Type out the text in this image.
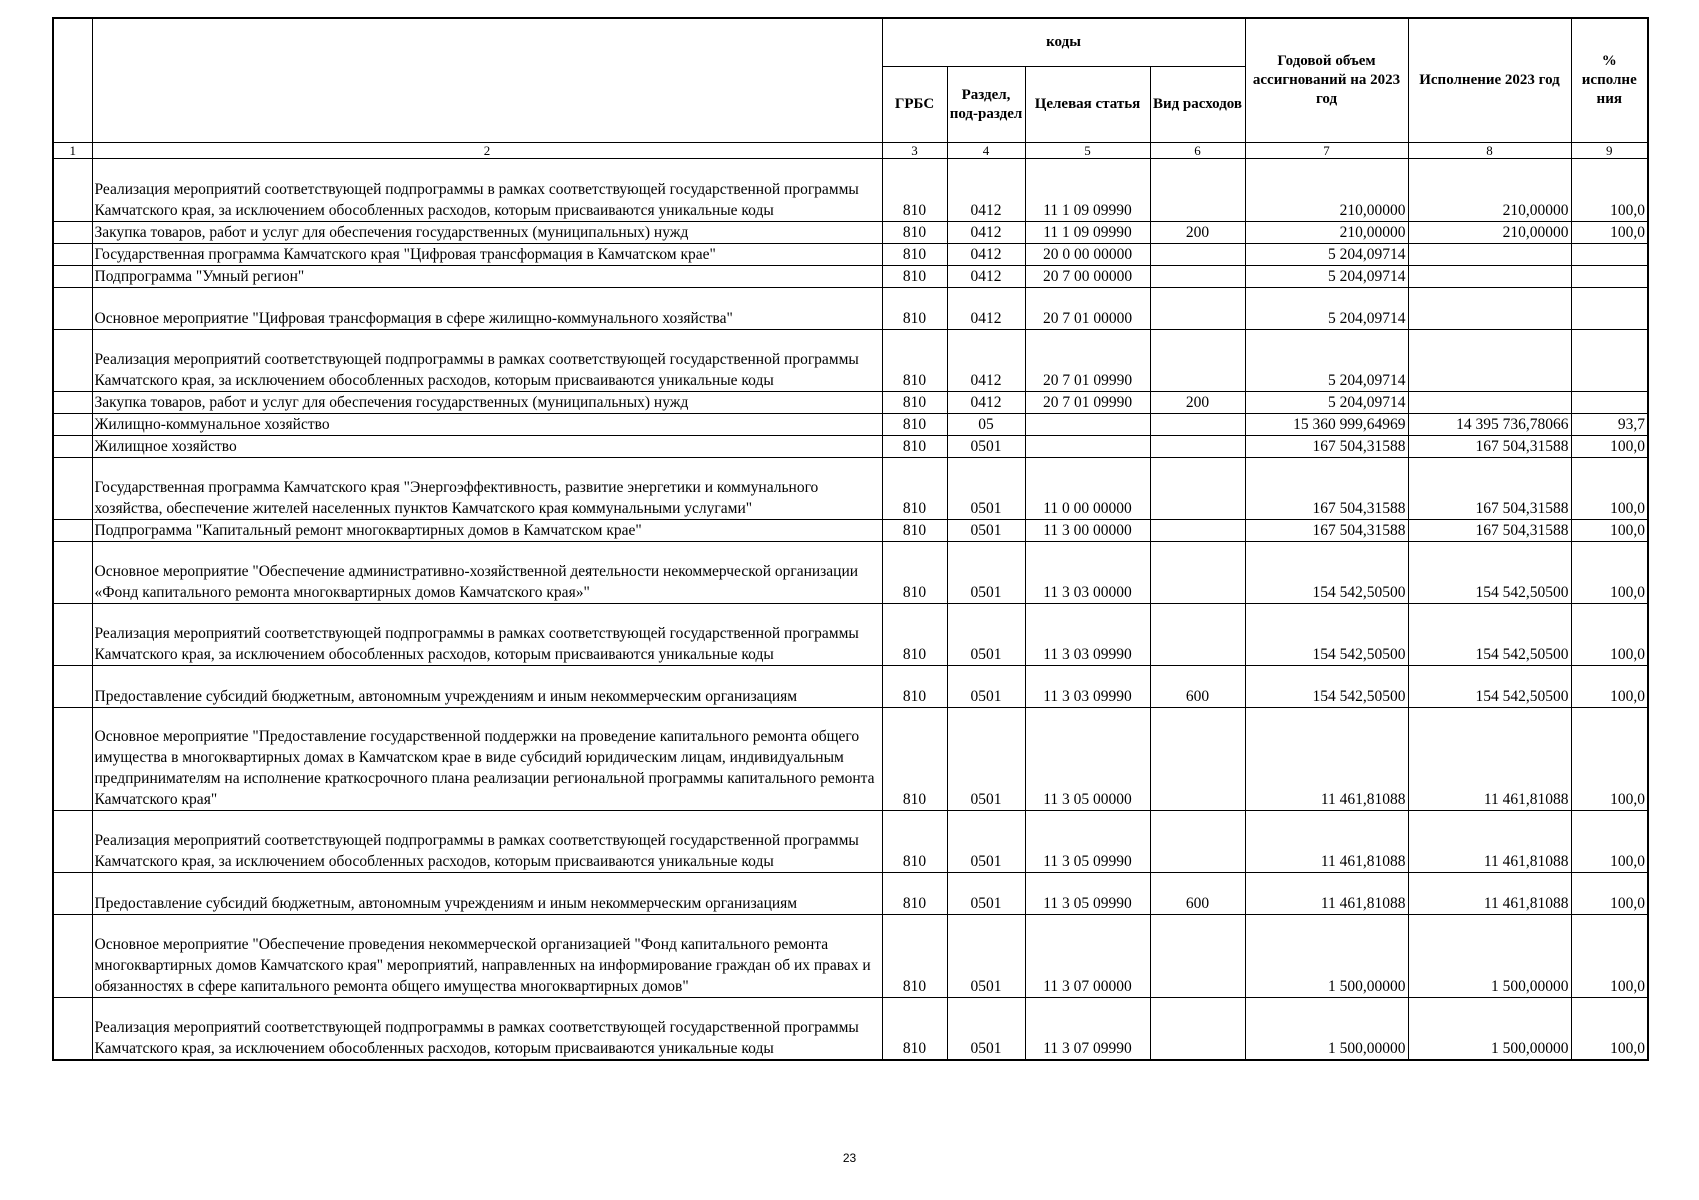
		коды				Годовой объем ассигнований на 2023 год	Исполнение 2023 год	% исполне ния
		ГРБС	Раздел, под-раздел	Целевая статья	Вид расходов			
1	2	3	4	5	6	7	8	9
	Реализация мероприятий соответствующей подпрограммы в рамках соответствующей государственной программы Камчатского края, за исключением обособленных расходов, которым присваиваются уникальные коды	810	0412	11 1 09 09990		210,00000	210,00000	100,0
	Закупка товаров, работ и услуг для обеспечения государственных (муниципальных) нужд	810	0412	11 1 09 09990	200	210,00000	210,00000	100,0
	Государственная программа Камчатского края "Цифровая трансформация в Камчатском крае"	810	0412	20 0 00 00000		5 204,09714		
	Подпрограмма "Умный регион"	810	0412	20 7 00 00000		5 204,09714		
	Основное мероприятие "Цифровая трансформация в сфере жилищно-коммунального хозяйства"	810	0412	20 7 01 00000		5 204,09714		
	Реализация мероприятий соответствующей подпрограммы в рамках соответствующей государственной программы Камчатского края, за исключением обособленных расходов, которым присваиваются уникальные коды	810	0412	20 7 01 09990		5 204,09714		
	Закупка товаров, работ и услуг для обеспечения государственных (муниципальных) нужд	810	0412	20 7 01 09990	200	5 204,09714		
	Жилищно-коммунальное хозяйство	810	05			15 360 999,64969	14 395 736,78066	93,7
	Жилищное хозяйство	810	0501			167 504,31588	167 504,31588	100,0
	Государственная программа Камчатского края "Энергоэффективность, развитие энергетики и коммунального хозяйства, обеспечение жителей населенных пунктов Камчатского края коммунальными услугами"	810	0501	11 0 00 00000		167 504,31588	167 504,31588	100,0
	Подпрограмма "Капитальный ремонт многоквартирных домов в Камчатском крае"	810	0501	11 3 00 00000		167 504,31588	167 504,31588	100,0
	Основное мероприятие "Обеспечение административно-хозяйственной деятельности некоммерческой организации «Фонд капитального ремонта многоквартирных домов Камчатского края»"	810	0501	11 3 03 00000		154 542,50500	154 542,50500	100,0
	Реализация мероприятий соответствующей подпрограммы в рамках соответствующей государственной программы Камчатского края, за исключением обособленных расходов, которым присваиваются уникальные коды	810	0501	11 3 03 09990		154 542,50500	154 542,50500	100,0
	Предоставление субсидий бюджетным, автономным учреждениям и иным некоммерческим организациям	810	0501	11 3 03 09990	600	154 542,50500	154 542,50500	100,0
	Основное мероприятие "Предоставление государственной поддержки на проведение капитального ремонта общего имущества в многоквартирных домах в Камчатском крае в виде субсидий юридическим лицам, индивидуальным предпринимателям на исполнение краткосрочного плана реализации региональной программы капитального ремонта Камчатского края"	810	0501	11 3 05 00000		11 461,81088	11 461,81088	100,0
	Реализация мероприятий соответствующей подпрограммы в рамках соответствующей государственной программы Камчатского края, за исключением обособленных расходов, которым присваиваются уникальные коды	810	0501	11 3 05 09990		11 461,81088	11 461,81088	100,0
	Предоставление субсидий бюджетным, автономным учреждениям и иным некоммерческим организациям	810	0501	11 3 05 09990	600	11 461,81088	11 461,81088	100,0
	Основное мероприятие "Обеспечение проведения некоммерческой организацией "Фонд капитального ремонта многоквартирных домов Камчатского края" мероприятий, направленных на информирование граждан об их правах и обязанностях в сфере капитального ремонта общего имущества многоквартирных домов"	810	0501	11 3 07 00000		1 500,00000	1 500,00000	100,0
	Реализация мероприятий соответствующей подпрограммы в рамках соответствующей государственной программы Камчатского края, за исключением обособленных расходов, которым присваиваются уникальные коды	810	0501	11 3 07 09990		1 500,00000	1 500,00000	100,0
23
